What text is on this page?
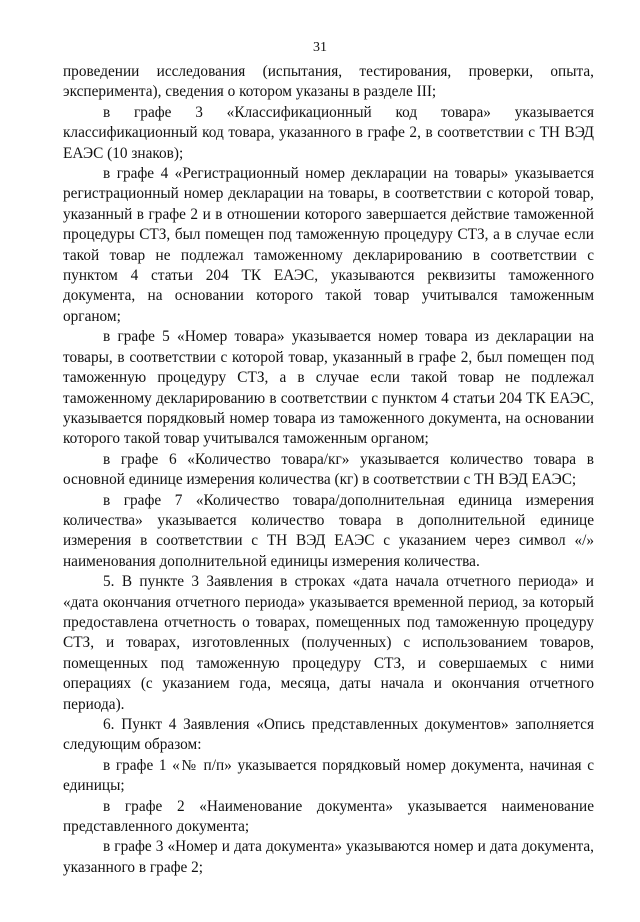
31

проведении исследования (испытания, тестирования, проверки, опыта, эксперимента), сведения о котором указаны в разделе III;

в графе 3 «Классификационный код товара» указывается классификационный код товара, указанного в графе 2, в соответствии с ТН ВЭД ЕАЭС (10 знаков);

в графе 4 «Регистрационный номер декларации на товары» указывается регистрационный номер декларации на товары, в соответствии с которой товар, указанный в графе 2 и в отношении которого завершается действие таможенной процедуры СТЗ, был помещен под таможенную процедуру СТЗ, а в случае если такой товар не подлежал таможенному декларированию в соответствии с пунктом 4 статьи 204 ТК ЕАЭС, указываются реквизиты таможенного документа, на основании которого такой товар учитывался таможенным органом;

в графе 5 «Номер товара» указывается номер товара из декларации на товары, в соответствии с которой товар, указанный в графе 2, был помещен под таможенную процедуру СТЗ, а в случае если такой товар не подлежал таможенному декларированию в соответствии с пунктом 4 статьи 204 ТК ЕАЭС, указывается порядковый номер товара из таможенного документа, на основании которого такой товар учитывался таможенным органом;

в графе 6 «Количество товара/кг» указывается количество товара в основной единице измерения количества (кг) в соответствии с ТН ВЭД ЕАЭС;

в графе 7 «Количество товара/дополнительная единица измерения количества» указывается количество товара в дополнительной единице измерения в соответствии с ТН ВЭД ЕАЭС с указанием через символ «/» наименования дополнительной единицы измерения количества.

5. В пункте 3 Заявления в строках «дата начала отчетного периода» и «дата окончания отчетного периода» указывается временной период, за который предоставлена отчетность о товарах, помещенных под таможенную процедуру СТЗ, и товарах, изготовленных (полученных) с использованием товаров, помещенных под таможенную процедуру СТЗ, и совершаемых с ними операциях (с указанием года, месяца, даты начала и окончания отчетного периода).

6. Пункт 4 Заявления «Опись представленных документов» заполняется следующим образом:

в графе 1 «№ п/п» указывается порядковый номер документа, начиная с единицы;

в графе 2 «Наименование документа» указывается наименование представленного документа;

в графе 3 «Номер и дата документа» указываются номер и дата документа, указанного в графе 2;
